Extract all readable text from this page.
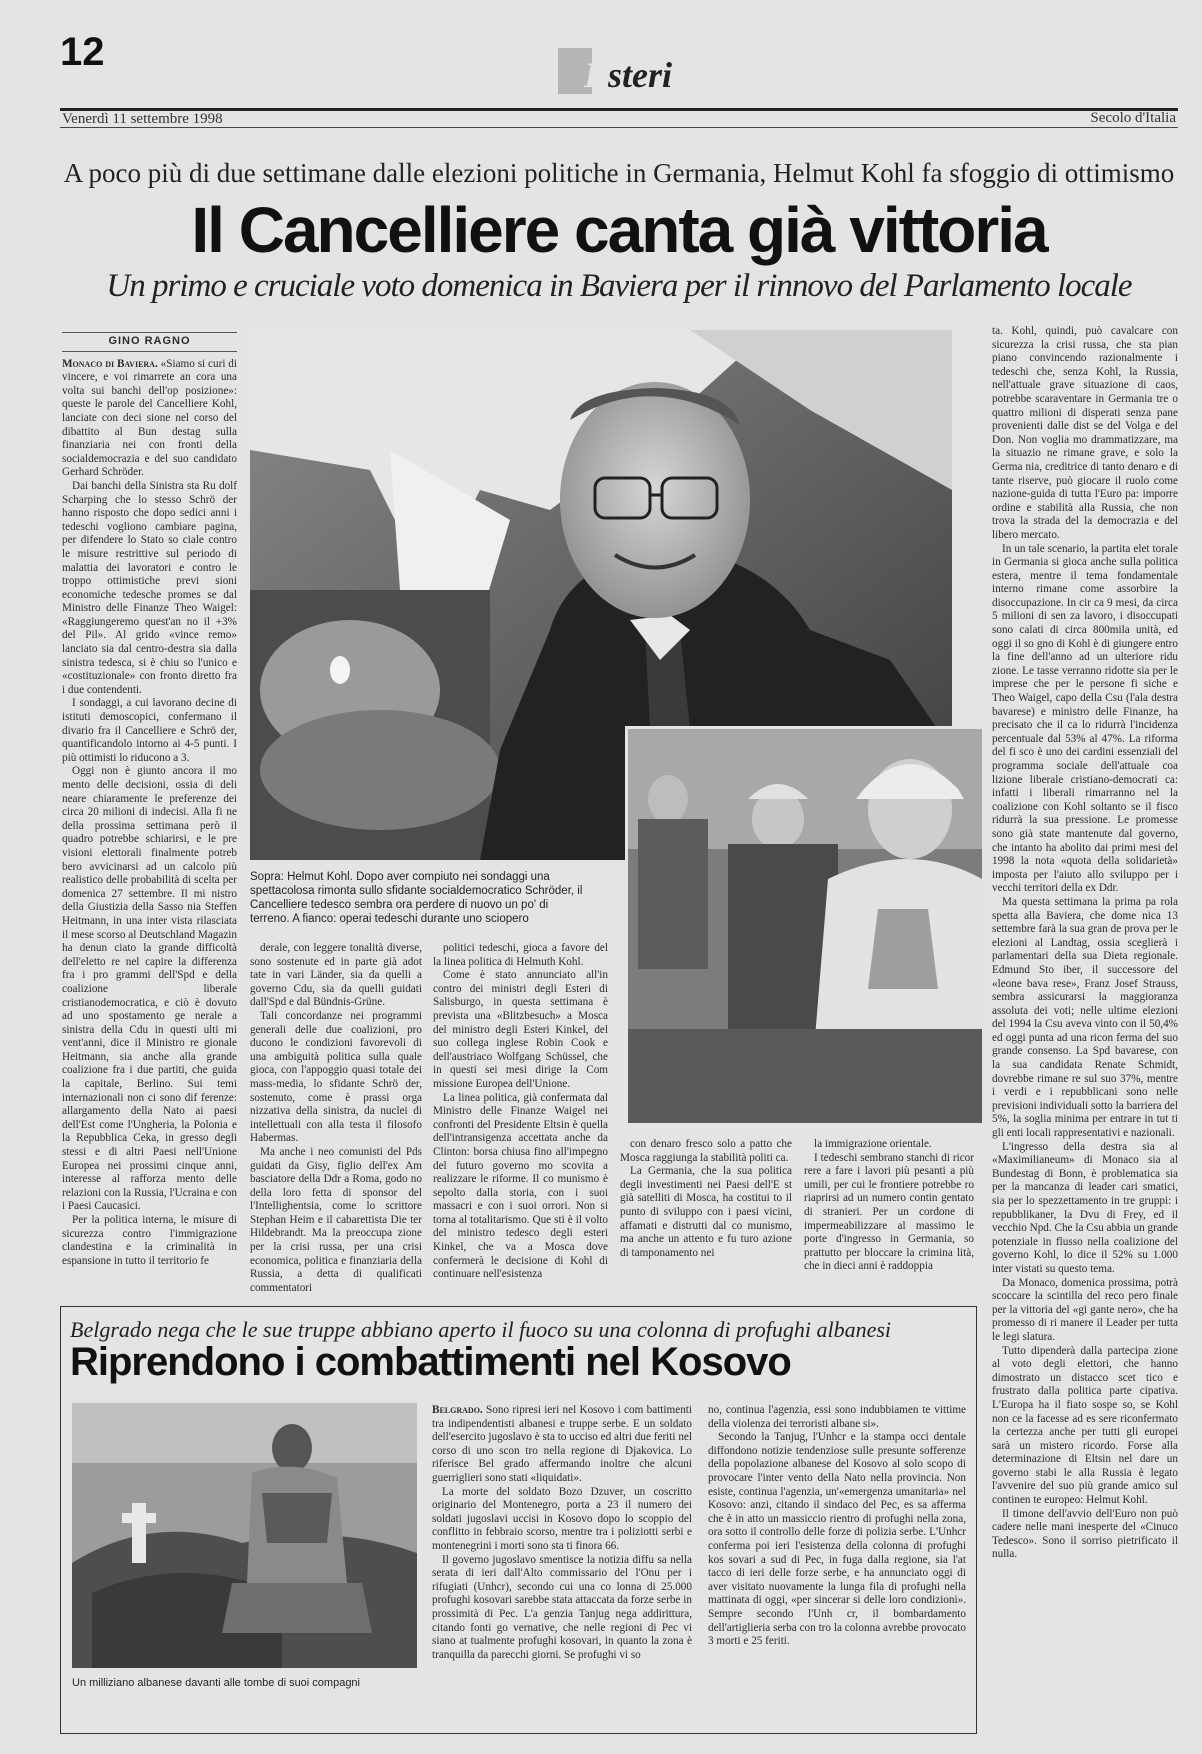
12
Esteri
Venerdì 11 settembre 1998	Secolo d'Italia
A poco più di due settimane dalle elezioni politiche in Germania, Helmut Kohl fa sfoggio di ottimismo
Il Cancelliere canta già vittoria
Un primo e cruciale voto domenica in Baviera per il rinnovo del Parlamento locale
GINO RAGNO

Monaco di Baviera. «Siamo si curi di vincere, e voi rimarrete an cora una volta sui banchi dell'op posizione»: queste le parole del Cancelliere Kohl, lanciate con deci sione nel corso del dibattito al Bun destag sulla finanziaria nei con fronti della socialdemocrazia e del suo candidato Gerhard Schröder.

Dai banchi della Sinistra sta Ru dolf Scharping che lo stesso Schrö der hanno risposto che dopo sedici anni i tedeschi vogliono cambiare pagina, per difendere lo Stato so ciale contro le misure restrittive sul periodo di malattia dei lavoratori e contro le troppo ottimistiche previ sioni economiche tedesche promes se dal Ministro delle Finanze Theo Waigel: «Raggiungeremo quest'an no il +3% del Pil». Al grido «vince remo» lanciato sia dal centro-destra sia dalla sinistra tedesca, si è chiu so l'unico e «costituzionale» con fronto diretto fra i due contendenti.

I sondaggi, a cui lavorano decine di istituti demoscopici, confermano il divario fra il Cancelliere e Schrö der, quantificandolo intorno ai 4-5 punti. I più ottimisti lo riducono a 3.

Oggi non è giunto ancora il mo mento delle decisioni, ossia di deli neare chiaramente le preferenze dei circa 20 milioni di indecisi. Alla fi ne della prossima settimana però il quadro potrebbe schiarirsi, e le pre visioni elettorali finalmente potreb bero avvicinarsi ad un calcolo più realistico delle probabilità di scelta per domenica 27 settembre. Il mi nistro della Giustizia della Sasso nia Steffen Heitmann, in una inter vista rilasciata il mese scorso al Deutschland Magazin ha denun ciato la grande difficoltà dell'eletto re nel capire la differenza fra i pro grammi dell'Spd e della coalizione liberale cristianodemocratica, e ciò è dovuto ad uno spostamento ge nerale a sinistra della Cdu in questi ulti mi vent'anni, dice il Ministro re gionale Heitmann, sia anche alla grande coalizione fra i due partiti, che guida la capitale, Berlino. Sui temi internazionali non ci sono dif ferenze: allargamento della Nato ai paesi dell'Est come l'Ungheria, la Polonia e la Repubblica Ceka, in gresso degli stessi e di altri Paesi nell'Unione Europea nei prossimi cinque anni, interesse al rafforza mento delle relazioni con la Russia, l'Ucraina e con i Paesi Caucasici.

Per la politica interna, le misure di sicurezza contro l'immigrazione clandestina e la criminalità in espansione in tutto il territorio fe

Sopra: Helmut Kohl. Dopo aver compiuto nei sondaggi una spettacolosa rimonta sullo sfidante socialdemocratico Schröder, il Cancelliere tedesco sembra ora perdere di nuovo un po' di terreno. A fianco: operai tedeschi durante uno sciopero

derale, con leggere tonalità diverse, sono sostenute ed in parte già adot tate in vari Länder, sia da quelli a governo Cdu, sia da quelli guidati dall'Spd e dal Bündnis-Grüne.

Tali concordanze nei programmi generali delle due coalizioni, pro ducono le condizioni favorevoli di una ambiguità politica sulla quale gioca, con l'appoggio quasi totale dei mass-media, lo sfidante Schrö der, sostenuto, come è prassi orga nizzativa della sinistra, da nuclei di intellettuali con alla testa il filosofo Habermas.

Ma anche i neo comunisti del Pds guidati da Gisy, figlio dell'ex Am basciatore della Ddr a Roma, godo no della loro fetta di sponsor del l'Intellighentsia, come lo scrittore Stephan Heim e il cabarettista Die ter Hildebrandt. Ma la preoccupa zione per la crisi russa, per una crisi economica, politica e finanziaria della Russia, a detta di qualificati commentatori

politici tedeschi, gioca a favore del la linea politica di Helmuth Kohl.

Come è stato annunciato all'in contro dei ministri degli Esteri di Salisburgo, in questa settimana è prevista una «Blitzbesuch» a Mosca del ministro degli Esteri Kinkel, del suo collega inglese Robin Cook e dell'austriaco Wolfgang Schüssel, che in questi sei mesi dirige la Com missione Europea dell'Unione.

La linea politica, già confermata dal Ministro delle Finanze Waigel nei confronti del Presidente Eltsin è quella dell'intransigenza accettata anche da Clinton: borsa chiusa fino all'impegno del futuro governo mo scovita a realizzare le riforme. Il co munismo è sepolto dalla storia, con i suoi massacri e con i suoi orrori. Non si torna al totalitarismo. Que sti è il volto del ministro tedesco degli esteri Kinkel, che va a Mosca dove confermerà le decisione di Kohl di continuare nell'esistenza

con denaro fresco solo a patto che Mosca raggiunga la stabilità politi ca.

La Germania, che la sua politica degli investimenti nei Paesi dell'E st già satelliti di Mosca, ha costitui to il punto di sviluppo con i paesi vicini, affamati e distrutti dal co munismo, ma anche un attento e fu turo azione di tamponamento nei

la immigrazione orientale.

I tedeschi sembrano stanchi di ricor rere a fare i lavori più pesanti a più umili, per cui le frontiere potrebbe ro riaprirsi ad un numero contin gentato di stranieri. Per un cordone di impermeabilizzare al massimo le porte d'ingresso in Germania, so prattutto per bloccare la crimina lità, che in dieci anni è raddoppia

ta. Kohl, quindi, può cavalcare con sicurezza la crisi russa, che sta pian piano convincendo razionalmente i tedeschi che, senza Kohl, la Russia, nell'attuale grave situazione di caos, potrebbe scaraventare in Germania tre o quattro milioni di disperati senza pane provenienti dalle dist se del Volga e del Don. Non voglia mo drammatizzare, ma la situazio ne rimane grave, e solo la Germa nia, creditrice di tanto denaro e di tante riserve, può giocare il ruolo come nazione-guida di tutta l'Euro pa: imporre ordine e stabilità alla Russia, che non trova la strada del la democrazia e del libero mercato.

In un tale scenario, la partita elet torale in Germania si gioca anche sulla politica estera, mentre il tema fondamentale interno rimane come assorbire la disoccupazione. In cir ca 9 mesi, da circa 5 milioni di sen za lavoro, i disoccupati sono calati di circa 800mila unità, ed oggi il so gno di Kohl è di giungere entro la fine dell'anno ad un ulteriore ridu zione. Le tasse verranno ridotte sia per le imprese che per le persone fi siche e Theo Waigel, capo della Csu (l'ala destra bavarese) e ministro delle Finanze, ha precisato che il ca lo ridurrà l'incidenza percentuale dal 53% al 47%. La riforma del fi sco è uno dei cardini essenziali del programma sociale dell'attuale coa lizione liberale cristiano-democrati ca: infatti i liberali rimarranno nel la coalizione con Kohl soltanto se il fisco ridurrà la sua pressione. Le promesse sono già state mantenute dal governo, che intanto ha abolito dai primi mesi del 1998 la nota «quota della solidarietà» imposta per l'aiuto allo sviluppo per i vecchi territori della ex Ddr.

Ma questa settimana la prima pa rola spetta alla Baviera, che dome nica 13 settembre farà la sua gran de prova per le elezioni al Landtag, ossia sceglierà i parlamentari della sua Dieta regionale. Edmund Sto iber, il successore del «leone bava rese», Franz Josef Strauss, sembra assicurarsi la maggioranza assoluta dei voti; nelle ultime elezioni del 1994 la Csu aveva vinto con il 50,4% ed oggi punta ad una ricon ferma del suo grande consenso. La Spd bavarese, con la sua candidata Renate Schmidt, dovrebbe rimane re sul suo 37%, mentre i verdi e i repubblicani sono nelle previsioni individuali sotto la barriera del 5%, la soglia minima per entrare in tut ti gli enti locali rappresentativi e nazionali.

L'ingresso della destra sia al «Maximilianeum» di Monaco sia al Bundestag di Bonn, è problematica sia per la mancanza di leader cari smatici, sia per lo spezzettamento in tre gruppi: i repubblikaner, la Dvu di Frey, ed il vecchio Npd. Che la Csu abbia un grande potenziale in flusso nella coalizione del governo Kohl, lo dice il 52% su 1.000 inter vistati su questo tema.

Da Monaco, domenica prossima, potrà scoccare la scintilla del reco pero finale per la vittoria del «gi gante nero», che ha promesso di ri manere il Leader per tutta le legi slatura.

Tutto dipenderà dalla partecipa zione al voto degli elettori, che hanno dimostrato un distacco scet tico e frustrato dalla politica parte cipativa. L'Europa ha il fiato sospe so, se Kohl non ce la facesse ad es sere riconfermato la certezza anche per tutti gli europei sarà un mistero ricordo. Forse alla determinazione di Eltsin nel dare un governo stabi le alla Russia è legato l'avvenire del suo più grande amico sul continen te europeo: Helmut Kohl.

Il timone dell'avvio dell'Euro non può cadere nelle mani inesperte del «Cinuco Tedesco». Sono il sorriso pietrificato il nulla.

Belgrado nega che le sue truppe abbiano aperto il fuoco su una colonna di profughi albanesi
Riprendono i combattimenti nel Kosovo
Un milliziano albanese davanti alle tombe di suoi compagni

Belgrado. Sono ripresi ieri nel Kosovo i com battimenti tra indipendentisti albanesi e truppe serbe. E un soldato dell'esercito jugoslavo è sta to ucciso ed altri due feriti nel corso di uno scon tro nella regione di Djakovica. Lo riferisce Bel grado affermando inoltre che alcuni guerriglieri sono stati «liquidati».

La morte del soldato Bozo Dzuver, un coscritto originario del Montenegro, porta a 23 il numero dei soldati jugoslavi uccisi in Kosovo dopo lo scoppio del conflitto in febbraio scorso, mentre tra i poliziotti serbi e montenegrini i morti sono sta ti finora 66.

Il governo jugoslavo smentisce la notizia diffu sa nella serata di ieri dall'Alto commissario del l'Onu per i rifugiati (Unhcr), secondo cui una co lonna di 25.000 profughi kosovari sarebbe stata attaccata da forze serbe in prossimità di Pec. L'a genzia Tanjug nega addirittura, citando fonti go vernative, che nelle regioni di Pec vi siano at tualmente profughi kosovari, in quanto la zona è tranquilla da parecchi giorni. Se profughi vi so

no, continua l'agenzia, essi sono indubbiamen te vittime della violenza dei terroristi albane si».

Secondo la Tanjug, l'Unhcr e la stampa occi dentale diffondono notizie tendenziose sulle presunte sofferenze della popolazione albanese del Kosovo al solo scopo di provocare l'inter vento della Nato nella provincia. Non esiste, continua l'agenzia, un'«emergenza umanitaria» nel Kosovo: anzi, citando il sindaco del Pec, es sa afferma che è in atto un massiccio rientro di profughi nella zona, ora sotto il controllo delle forze di polizia serbe. L'Unhcr conferma poi ieri l'esistenza della colonna di profughi kos sovari a sud di Pec, in fuga dalla regione, sia l'at tacco di ieri delle forze serbe, e ha annunciato oggi di aver visitato nuovamente la lunga fila di profughi nella mattinata di oggi, «per sincerar si delle loro condizioni». Sempre secondo l'Unh cr, il bombardamento dell'artiglieria serba con tro la colonna avrebbe provocato 3 morti e 25 feriti.
